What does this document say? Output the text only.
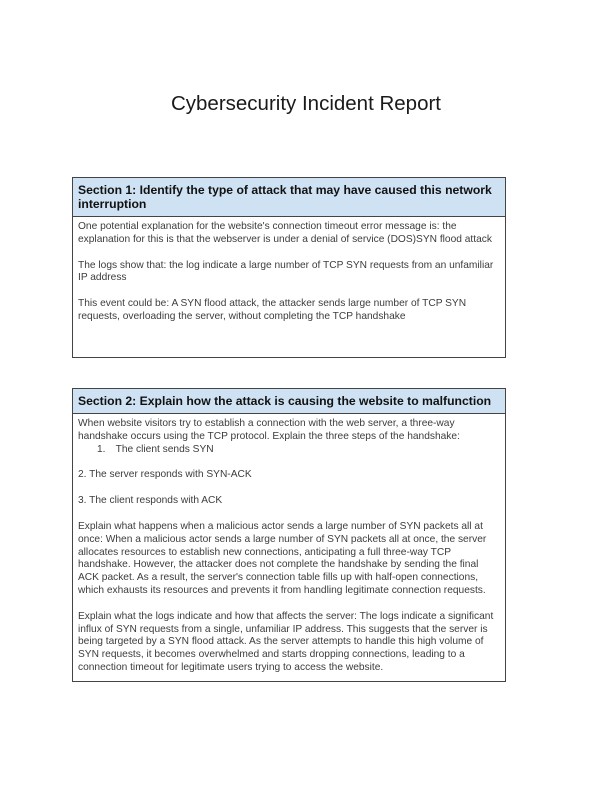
Cybersecurity Incident Report
Section 1: Identify the type of attack that may have caused this network interruption

One potential explanation for the website's connection timeout error message is: the explanation for this is that the webserver is under a denial of service (DOS)SYN flood attack

The logs show that: the log indicate a large number of TCP SYN requests from an unfamiliar IP address

This event could be: A SYN flood attack, the attacker sends large number of TCP SYN requests, overloading the server, without completing the TCP handshake

Section 2: Explain how the attack is causing the website to malfunction
When website visitors try to establish a connection with the web server, a three-way handshake occurs using the TCP protocol. Explain the three steps of the handshake:
1. The client sends SYN

2. The server responds with SYN-ACK

3. The client responds with ACK

Explain what happens when a malicious actor sends a large number of SYN packets all at once: When a malicious actor sends a large number of SYN packets all at once, the server allocates resources to establish new connections, anticipating a full three-way TCP handshake. However, the attacker does not complete the handshake by sending the final ACK packet. As a result, the server's connection table fills up with half-open connections, which exhausts its resources and prevents it from handling legitimate connection requests.

Explain what the logs indicate and how that affects the server: The logs indicate a significant influx of SYN requests from a single, unfamiliar IP address. This suggests that the server is being targeted by a SYN flood attack. As the server attempts to handle this high volume of SYN requests, it becomes overwhelmed and starts dropping connections, leading to a connection timeout for legitimate users trying to access the website.
